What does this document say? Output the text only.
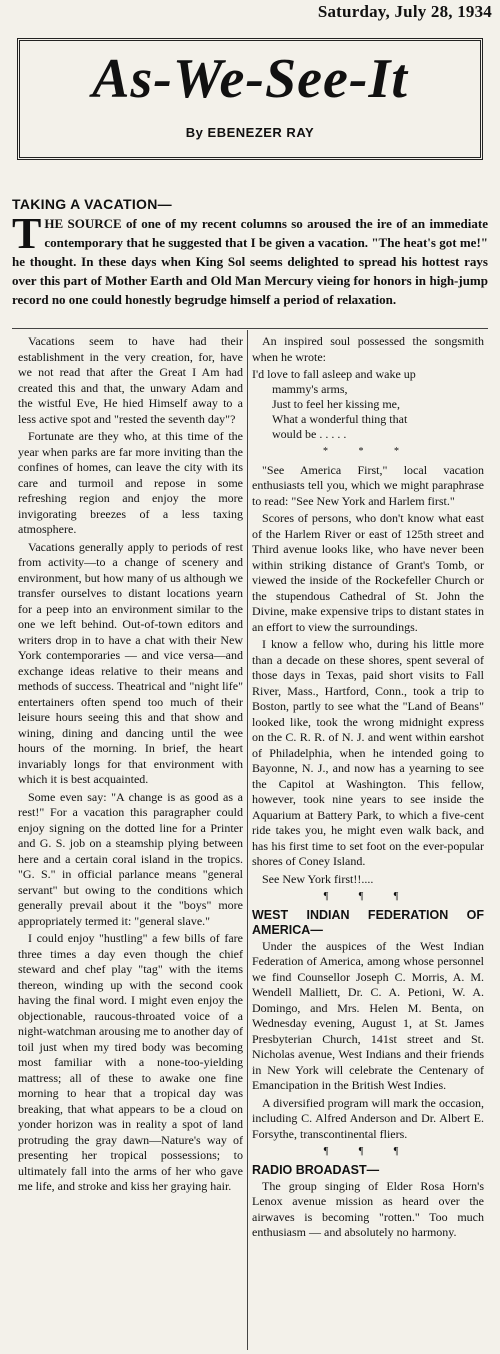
Saturday, July 28, 1934
As-We-See-It
By EBENEZER RAY
TAKING A VACATION—
THE SOURCE of one of my recent columns so aroused the ire of an immediate contemporary that he suggested that I be given a vacation. "The heat's got me!" he thought. In these days when King Sol seems delighted to spread his hottest rays over this part of Mother Earth and Old Man Mercury vieing for honors in high-jump record no one could honestly begrudge himself a period of relaxation.

Vacations seem to have had their establishment in the very creation, for, have we not read that after the Great I Am had created this and that, the unwary Adam and the wistful Eve, He hied Himself away to a less active spot and "rested the seventh day"?

Fortunate are they who, at this time of the year when parks are far more inviting than the confines of homes, can leave the city with its care and turmoil and repose in some refreshing region and enjoy the more invigorating breezes of a less taxing atmosphere.

Vacations generally apply to periods of rest from activity—to a change of scenery and environment, but how many of us although we transfer ourselves to distant locations yearn for a peep into an environment similar to the one we left behind. Out-of-town editors and writers drop in to have a chat with their New York contemporaries — and vice versa—and exchange ideas relative to their means and methods of success. Theatrical and "night life" entertainers often spend too much of their leisure hours seeing this and that show and wining, dining and dancing until the wee hours of the morning. In brief, the heart invariably longs for that environment with which it is best acquainted.

Some even say: "A change is as good as a rest!" For a vacation this paragrapher could enjoy signing on the dotted line for a Printer and G. S. job on a steamship plying between here and a certain coral island in the tropics. "G. S." in official parlance means "general servant" but owing to the conditions which generally prevail about it the "boys" more appropriately termed it: "general slave."

I could enjoy "hustling" a few bills of fare three times a day even though the chief steward and chef play "tag" with the items thereon, winding up with the second cook having the final word. I might even enjoy the objectionable, raucous-throated voice of a night-watchman arousing me to another day of toil just when my tired body was becoming most familiar with a none-too-yielding mattress; all of these to awake one fine morning to hear that a tropical day was breaking, that what appears to be a cloud on yonder horizon was in reality a spot of land protruding the gray dawn—Nature's way of presenting her tropical possessions; to ultimately fall into the arms of her who gave me life, and stroke and kiss her graying hair.

An inspired soul possessed the songsmith when he wrote:

I'd love to fall asleep and wake up
mammy's arms,
Just to feel her kissing me,
What a wonderful thing that
would be . . . . .
* * *

"See America First," local vacation enthusiasts tell you, which we might paraphrase to read: "See New York and Harlem first."

Scores of persons, who don't know what east of the Harlem River or east of 125th street and Third avenue looks like, who have never been within striking distance of Grant's Tomb, or viewed the inside of the Rockefeller Church or the stupendous Cathedral of St. John the Divine, make expensive trips to distant states in an effort to view the surroundings.

I know a fellow who, during his little more than a decade on these shores, spent several of those days in Texas, paid short visits to Fall River, Mass., Hartford, Conn., took a trip to Boston, partly to see what the "Land of Beans" looked like, took the wrong midnight express on the C. R. R. of N. J. and went within earshot of Philadelphia, when he intended going to Bayonne, N. J., and now has a yearning to see the Capitol at Washington. This fellow, however, took nine years to see inside the Aquarium at Battery Park, to which a five-cent ride takes you, he might even walk back, and has his first time to set foot on the ever-popular shores of Coney Island.

See New York first!!....

¶ ¶ ¶
WEST INDIAN FEDERATION OF AMERICA—

Under the auspices of the West Indian Federation of America, among whose personnel we find Counsellor Joseph C. Morris, A. M. Wendell Malliett, Dr. C. A. Petioni, W. A. Domingo, and Mrs. Helen M. Benta, on Wednesday evening, August 1, at St. James Presbyterian Church, 141st street and St. Nicholas avenue, West Indians and their friends in New York will celebrate the Centenary of Emancipation in the British West Indies.

A diversified program will mark the occasion, including C. Alfred Anderson and Dr. Albert E. Forsythe, transcontinental fliers.

¶ ¶ ¶
RADIO BROADAST—

The group singing of Elder Rosa Horn's Lenox avenue mission as heard over the airwaves is becoming "rotten." Too much enthusiasm — and absolutely no harmony.
